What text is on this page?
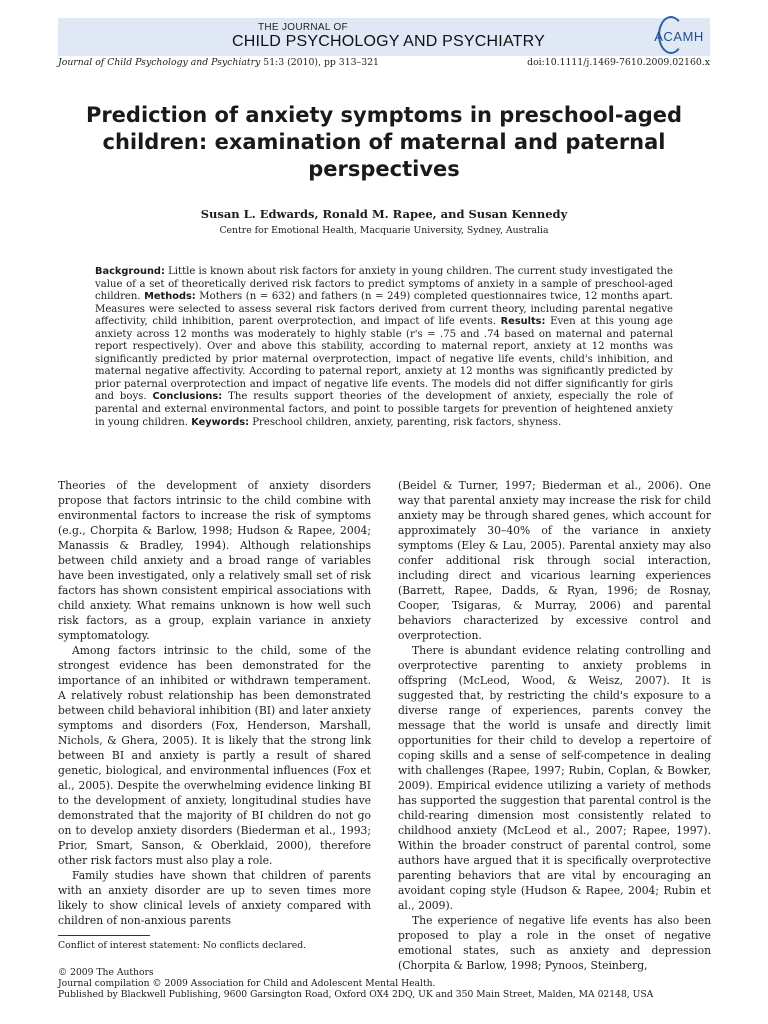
THE JOURNAL OF
CHILD PSYCHOLOGY AND PSYCHIATRY	ACAMH
Journal of Child Psychology and Psychiatry 51:3 (2010), pp 313–321	doi:10.1111/j.1469-7610.2009.02160.x
Prediction of anxiety symptoms in preschool-aged children: examination of maternal and paternal perspectives
Susan L. Edwards, Ronald M. Rapee, and Susan Kennedy
Centre for Emotional Health, Macquarie University, Sydney, Australia
Background: Little is known about risk factors for anxiety in young children. The current study investigated the value of a set of theoretically derived risk factors to predict symptoms of anxiety in a sample of preschool-aged children. Methods: Mothers (n = 632) and fathers (n = 249) completed questionnaires twice, 12 months apart. Measures were selected to assess several risk factors derived from current theory, including parental negative affectivity, child inhibition, parent overprotection, and impact of life events. Results: Even at this young age anxiety across 12 months was moderately to highly stable (r's = .75 and .74 based on maternal and paternal report respectively). Over and above this stability, according to maternal report, anxiety at 12 months was significantly predicted by prior maternal overprotection, impact of negative life events, child's inhibition, and maternal negative affectivity. According to paternal report, anxiety at 12 months was significantly predicted by prior paternal overprotection and impact of negative life events. The models did not differ significantly for girls and boys. Conclusions: The results support theories of the development of anxiety, especially the role of parental and external environmental factors, and point to possible targets for prevention of heightened anxiety in young children. Keywords: Preschool children, anxiety, parenting, risk factors, shyness.

Theories of the development of anxiety disorders propose that factors intrinsic to the child combine with environmental factors to increase the risk of symptoms (e.g., Chorpita & Barlow, 1998; Hudson & Rapee, 2004; Manassis & Bradley, 1994). Although relationships between child anxiety and a broad range of variables have been investigated, only a relatively small set of risk factors has shown consistent empirical associations with child anxiety. What remains unknown is how well such risk factors, as a group, explain variance in anxiety symptomatology.

Among factors intrinsic to the child, some of the strongest evidence has been demonstrated for the importance of an inhibited or withdrawn temperament. A relatively robust relationship has been demonstrated between child behavioral inhibition (BI) and later anxiety symptoms and disorders (Fox, Henderson, Marshall, Nichols, & Ghera, 2005). It is likely that the strong link between BI and anxiety is partly a result of shared genetic, biological, and environmental influences (Fox et al., 2005). Despite the overwhelming evidence linking BI to the development of anxiety, longitudinal studies have demonstrated that the majority of BI children do not go on to develop anxiety disorders (Biederman et al., 1993; Prior, Smart, Sanson, & Oberklaid, 2000), therefore other risk factors must also play a role.

Family studies have shown that children of parents with an anxiety disorder are up to seven times more likely to show clinical levels of anxiety compared with children of non-anxious parents

(Beidel & Turner, 1997; Biederman et al., 2006). One way that parental anxiety may increase the risk for child anxiety may be through shared genes, which account for approximately 30–40% of the variance in anxiety symptoms (Eley & Lau, 2005). Parental anxiety may also confer additional risk through social interaction, including direct and vicarious learning experiences (Barrett, Rapee, Dadds, & Ryan, 1996; de Rosnay, Cooper, Tsigaras, & Murray, 2006) and parental behaviors characterized by excessive control and overprotection.

There is abundant evidence relating controlling and overprotective parenting to anxiety problems in offspring (McLeod, Wood, & Weisz, 2007). It is suggested that, by restricting the child's exposure to a diverse range of experiences, parents convey the message that the world is unsafe and directly limit opportunities for their child to develop a repertoire of coping skills and a sense of self-competence in dealing with challenges (Rapee, 1997; Rubin, Coplan, & Bowker, 2009). Empirical evidence utilizing a variety of methods has supported the suggestion that parental control is the child-rearing dimension most consistently related to childhood anxiety (McLeod et al., 2007; Rapee, 1997). Within the broader construct of parental control, some authors have argued that it is specifically overprotective parenting behaviors that are vital by encouraging an avoidant coping style (Hudson & Rapee, 2004; Rubin et al., 2009).

The experience of negative life events has also been proposed to play a role in the onset of negative emotional states, such as anxiety and depression (Chorpita & Barlow, 1998; Pynoos, Steinberg,

Conflict of interest statement: No conflicts declared.
© 2009 The Authors
Journal compilation © 2009 Association for Child and Adolescent Mental Health.
Published by Blackwell Publishing, 9600 Garsington Road, Oxford OX4 2DQ, UK and 350 Main Street, Malden, MA 02148, USA
